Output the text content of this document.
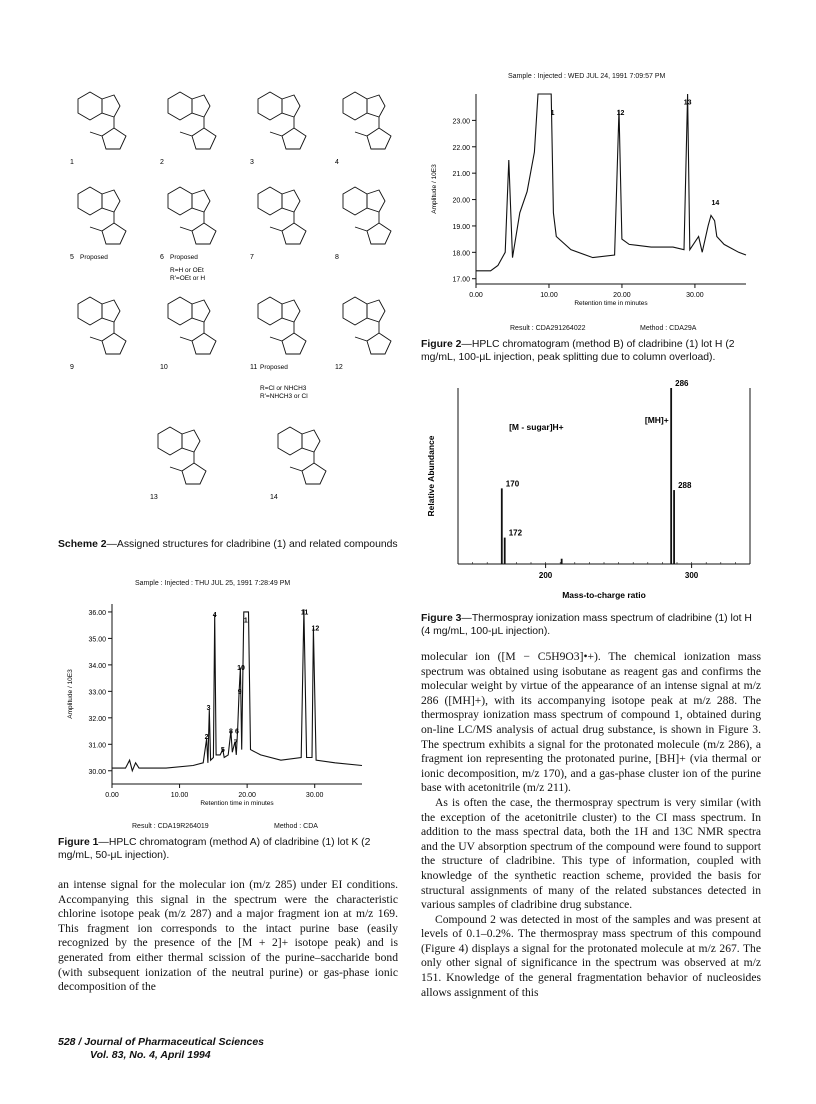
1	2	3	4
5 Proposed	6 Proposed	7	8
9	10	11 Proposed	12
13	14
R=H or OEt
R'=OEt or H
R=Cl or NHCH3
R'=NHCH3 or Cl
Scheme 2—Assigned structures for cladribine (1) and related compounds
Sample : Injected : THU JUL 25, 1991 7:28:49 PM
30.00
31.00
32.00
33.00
34.00
35.00
36.00
0.00	10.00	20.00	30.00
Retention time in minutes
Amplitude / 10E3
1
2
3
4
5
6
7
8
9
10
11
12
Result : CDA19R264019	Method : CDA
Figure 1—HPLC chromatogram (method A) of cladribine (1) lot K (2 mg/mL, 50-μL injection).

an intense signal for the molecular ion (m/z 285) under EI conditions. Accompanying this signal in the spectrum were the characteristic chlorine isotope peak (m/z 287) and a major fragment ion at m/z 169. This fragment ion corresponds to the intact purine base (easily recognized by the presence of the [M + 2]+ isotope peak) and is generated from either thermal scission of the purine–saccharide bond (with subsequent ionization of the neutral purine) or gas-phase ionic decomposition of the

528 / Journal of Pharmaceutical Sciences
Vol. 83, No. 4, April 1994
Sample : Injected : WED JUL 24, 1991 7:09:57 PM
17.00
18.00
19.00
20.00
21.00
22.00
23.00
0.00	10.00	20.00	30.00
Retention time in minutes
Amplitude / 10E3
1	12
13
14
Result : CDA291264022	Method : CDA29A
Figure 2—HPLC chromatogram (method B) of cladribine (1) lot H (2 mg/mL, 100-μL injection, peak splitting due to column overload).
200	300
Mass-to-charge ratio
Relative Abundance	170
172
286
288
[M - sugar]H+
[MH]+
Figure 3—Thermospray ionization mass spectrum of cladribine (1) lot H (4 mg/mL, 100-μL injection).

molecular ion ([M − C5H9O3]•+). The chemical ionization mass spectrum was obtained using isobutane as reagent gas and confirms the molecular weight by virtue of the appearance of an intense signal at m/z 286 ([MH]+), with its accompanying isotope peak at m/z 288. The thermospray ionization mass spectrum of compound 1, obtained during on-line LC/MS analysis of actual drug substance, is shown in Figure 3. The spectrum exhibits a signal for the protonated molecule (m/z 286), a fragment ion representing the protonated purine, [BH]+ (via thermal or ionic decomposition, m/z 170), and a gas-phase cluster ion of the purine base with acetonitrile (m/z 211).

As is often the case, the thermospray spectrum is very similar (with the exception of the acetonitrile cluster) to the CI mass spectrum. In addition to the mass spectral data, both the 1H and 13C NMR spectra and the UV absorption spectrum of the compound were found to support the structure of cladribine. This type of information, coupled with knowledge of the synthetic reaction scheme, provided the basis for structural assignments of many of the related substances detected in various samples of cladribine drug substance.

Compound 2 was detected in most of the samples and was present at levels of 0.1–0.2%. The thermospray mass spectrum of this compound (Figure 4) displays a signal for the protonated molecule at m/z 267. The only other signal of significance in the spectrum was observed at m/z 151. Knowledge of the general fragmentation behavior of nucleosides allows assignment of this
